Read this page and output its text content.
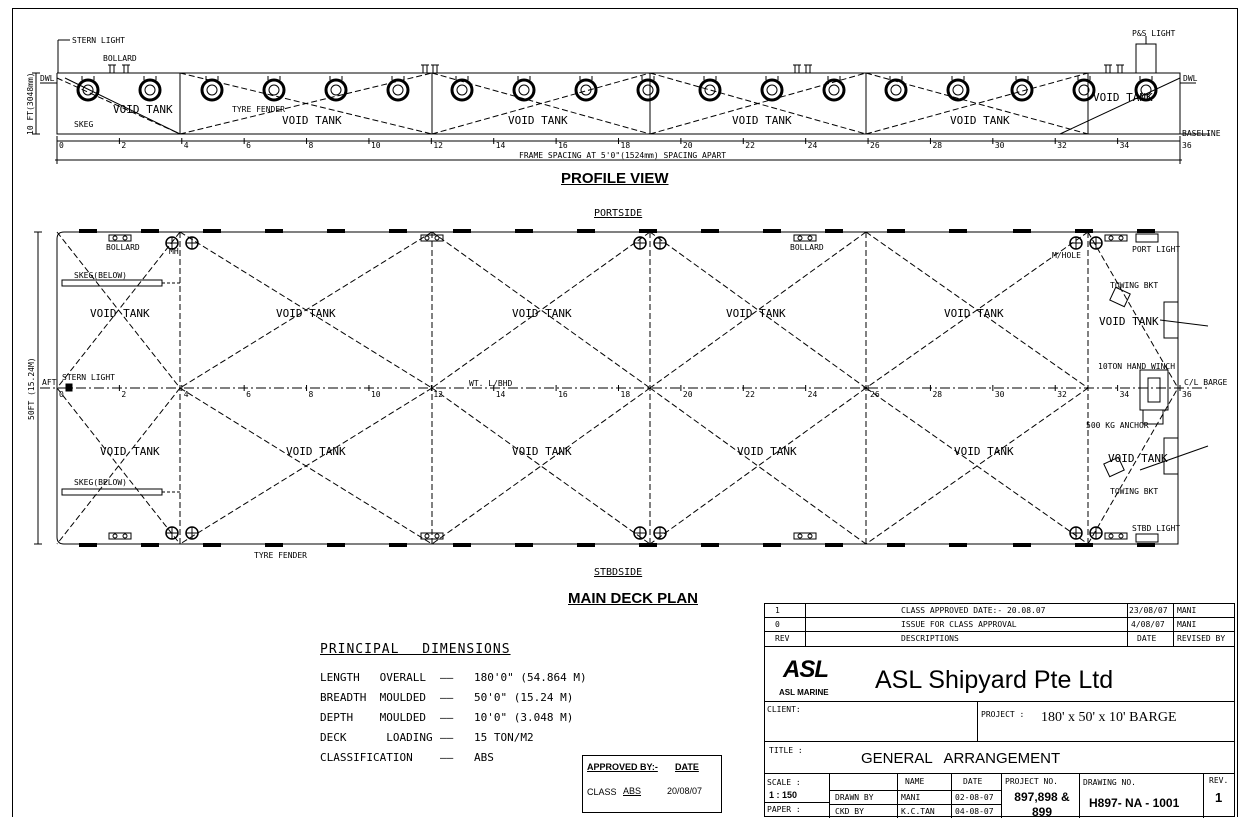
STERN LIGHT
BOLLARD
P&S LIGHT
DWL	DWL
VOID TANK
VOID TANK	VOID TANK	VOID TANK	VOID TANK
VOID TANK
TYRE FENDER
SKEG
BASELINE
FRAME SPACING AT 5'0"(1524mm) SPACING APART
10 FT(3048mm)
0	2	4	6	8	10	12	14	16	18	20	22	24	26	28	30	32	34	36
BOLLARD	BOLLARD
MH	M/HOLE
PORT LIGHT
SKEG(BELOW)
SKEG(BELOW)
VOID TANK	VOID TANK	VOID TANK	VOID TANK	VOID TANK
VOID TANK
VOID TANK	VOID TANK	VOID TANK	VOID TANK	VOID TANK
VOID TANK
TOWING BKT
TOWING BKT
10TON HAND WINCH
C/L BARGE
AFT
STERN LIGHT
WT. L/BHD
500 KG ANCHOR
STBD LIGHT
TYRE FENDER
50FT (15.24M)	0	2	4	6	8	10	12	14	16	18	20	22	24	26	28	30	32	34	36
PROFILE VIEW
PORTSIDE
STBDSIDE
MAIN DECK PLAN
PRINCIPAL DIMENSIONS
LENGTH   OVERALL	——	180'0" (54.864 M)
BREADTH  MOULDED	——	50'0" (15.24 M)
DEPTH    MOULDED	——	10'0" (3.048 M)
DECK      LOADING ——	15 TON/M2
CLASSIFICATION	——	ABS
APPROVED BY:- DATE
CLASS ABS	20/08/07
1	CLASS APPROVED DATE:- 20.08.07	23/08/07 MANI
0	ISSUE FOR CLASS APPROVAL	4/08/07 MANI
REV	DESCRIPTIONS	DATE	REVISED BY
ASL
ASL MARINE ASL Shipyard Pte Ltd
CLIENT:
PROJECT : 180' x 50' x 10' BARGE
TITLE :	GENERAL ARRANGEMENT
SCALE :
1 : 150
PAPER :
NAME	DATE
DRAWN BY	MANI	02-08-07
CKD BY	K.C.TAN	04-08-07
PROJECT NO.
897,898 & 899
DRAWING NO.
H897- NA - 1001
REV.
1
